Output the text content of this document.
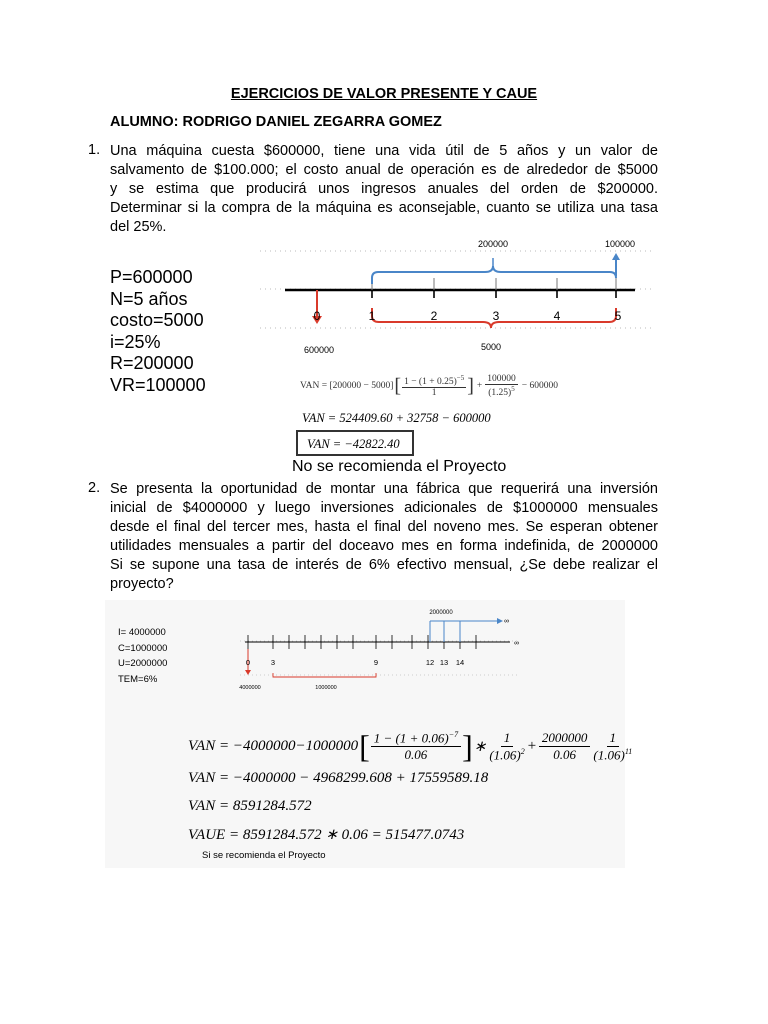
EJERCICIOS DE VALOR PRESENTE Y CAUE
ALUMNO: RODRIGO DANIEL ZEGARRA GOMEZ
1. Una máquina cuesta $600000, tiene una vida útil de 5 años y un valor de
salvamento de $100.000; el costo anual de operación es de alrededor de $5000
y se estima que producirá unos ingresos anuales del orden de $200000.
Determinar si la compra de la máquina es aconsejable, cuanto se utiliza una tasa
del 25%.
P=600000
N=5 años
costo=5000
i=25%
R=200000
VR=100000
200000	100000
0	1	2	3	4	5
600000	5000
VAN = [200000 − 5000] [ $1 - (1 + 0.25)^{-5}$
1 ] + $\frac{100000}{(1.25)^5} - 600000$
VAN = 524409.60 + 32758 − 600000
VAN = −42822.40
No se recomienda el Proyecto
2. Se presenta la oportunidad de montar una fábrica que requerirá una inversión
inicial de $4000000 y luego inversiones adicionales de $1000000 mensuales
desde el final del tercer mes, hasta el final del noveno mes. Se esperan obtener
utilidades mensuales a partir del doceavo mes en forma indefinida, de 2000000
Si se supone una tasa de interés de 6% efectivo mensual, ¿Se debe realizar el
proyecto?
I= 4000000
C=1000000
U=2000000
TEM=6%
2000000
∞
∞
0	3	9	12 13 14
4000000	1000000
VAN = −4000000−1000000 [ $1 - (1 + 0.06)^{-7}$
0.06 ] ∗
1
$(1.06)^2 + \frac{2000000}{0.06} 1$
$(1.06)^{11}$
VAN = −4000000 − 4968299.608 + 17559589.18
VAN = 8591284.572
VAUE = 8591284.572 ∗ 0.06 = 515477.0743
Si se recomienda el Proyecto
